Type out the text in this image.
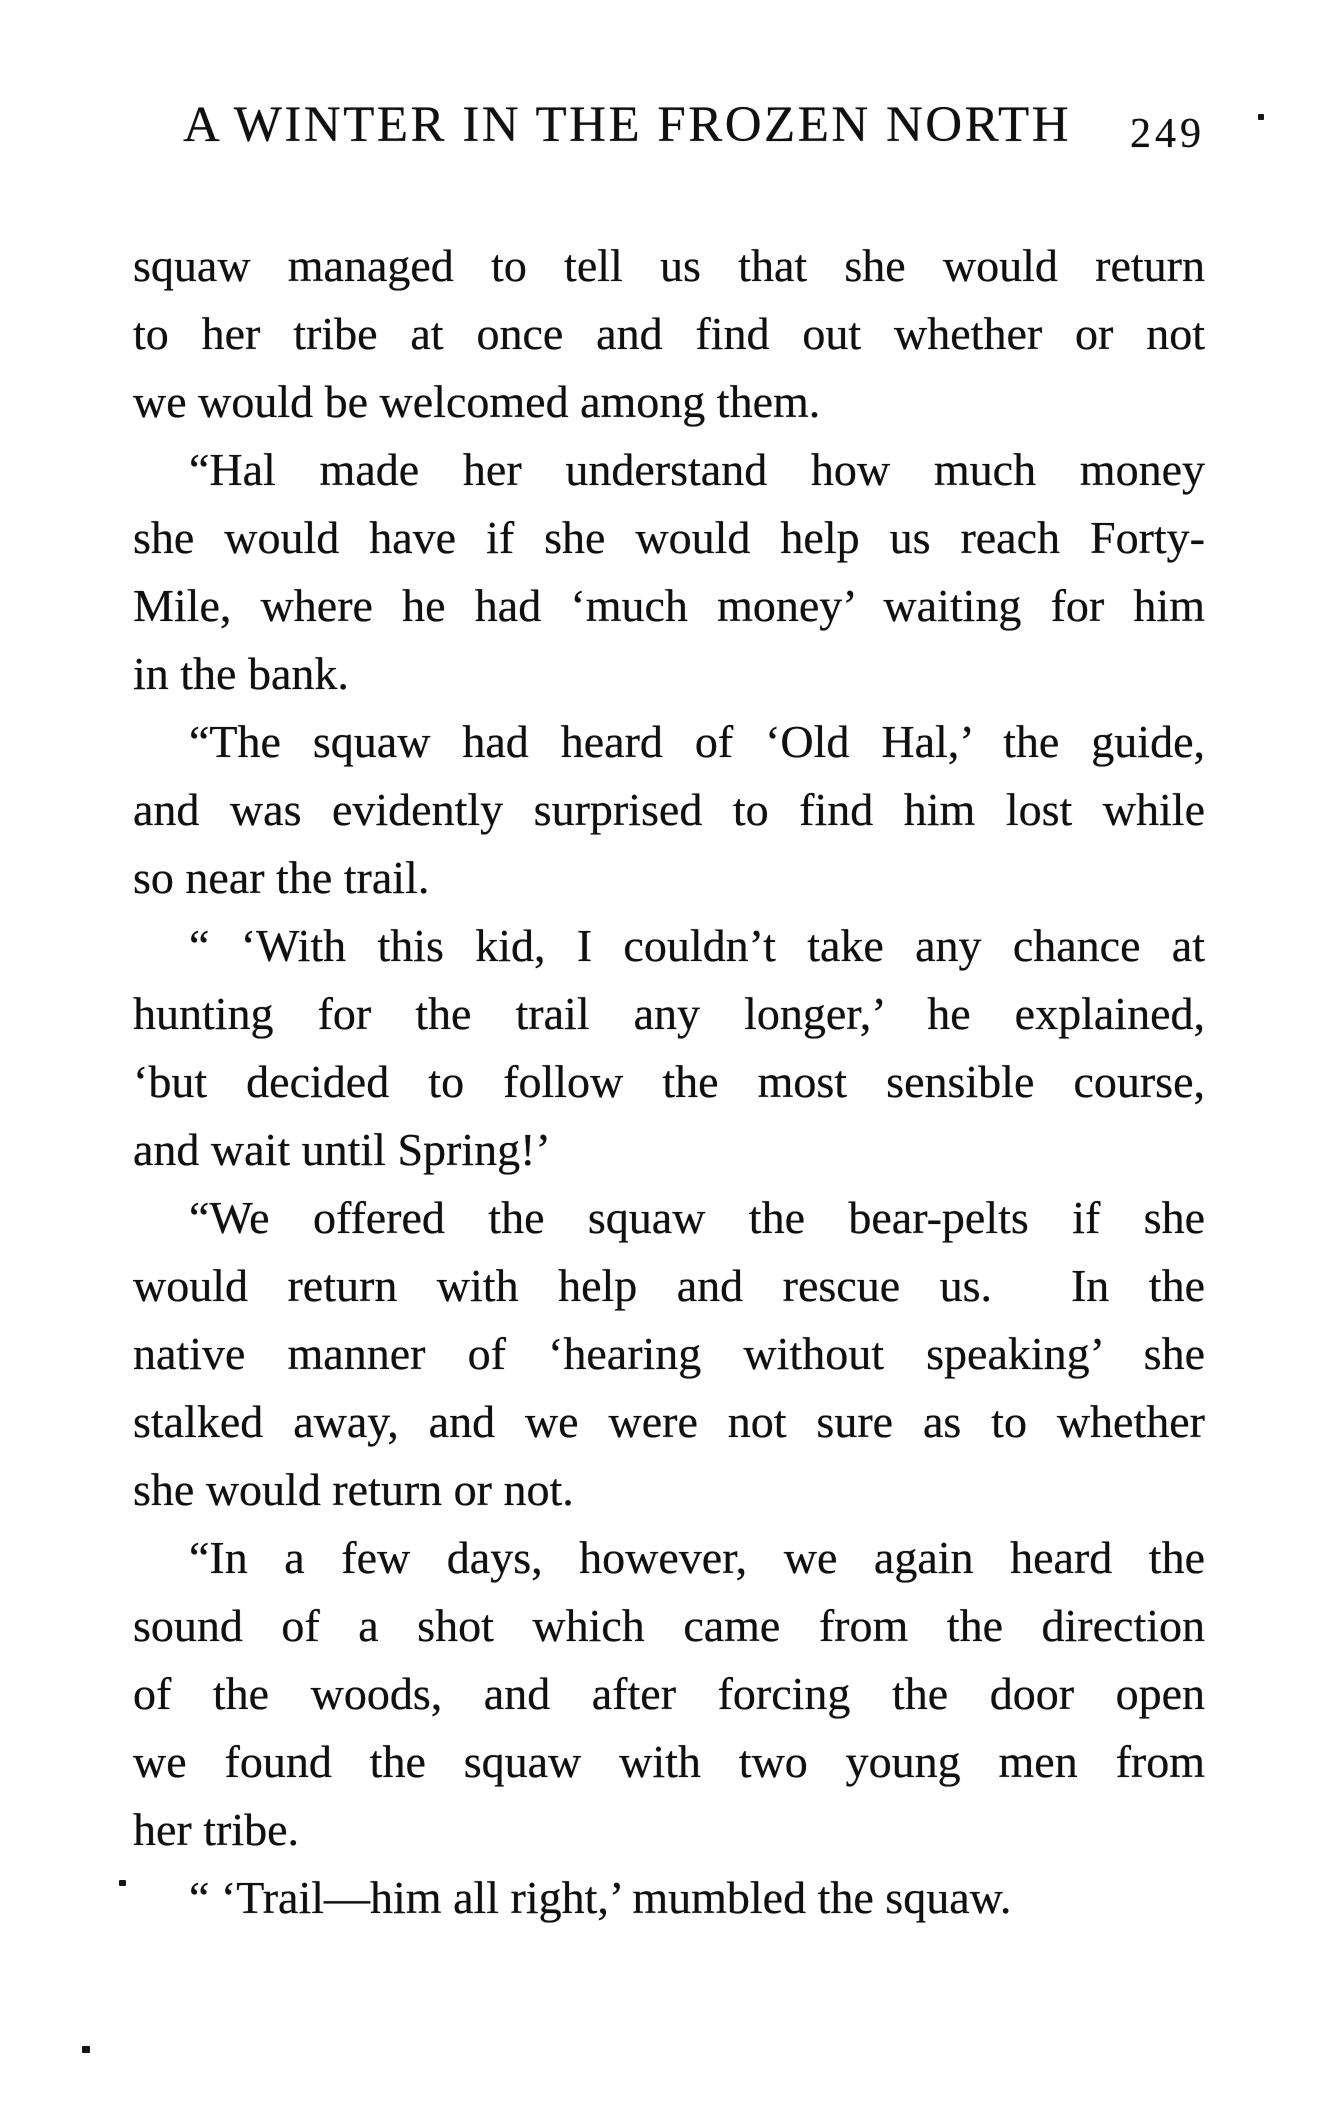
A WINTER IN THE FROZEN NORTH	249
squaw managed to tell us that she would return
to her tribe at once and find out whether or not
we would be welcomed among them.
“Hal made her understand how much money
she would have if she would help us reach Forty-
Mile, where he had ‘much money’ waiting for him
in the bank.
“The squaw had heard of ‘Old Hal,’ the guide,
and was evidently surprised to find him lost while
so near the trail.
“ ‘With this kid, I couldn’t take any chance at
hunting for the trail any longer,’ he explained,
‘but decided to follow the most sensible course,
and wait until Spring!’
“We offered the squaw the bear-pelts if she
would return with help and rescue us.  In the
native manner of ‘hearing without speaking’ she
stalked away, and we were not sure as to whether
she would return or not.
“In a few days, however, we again heard the
sound of a shot which came from the direction
of the woods, and after forcing the door open
we found the squaw with two young men from
her tribe.
“ ‘Trail—him all right,’ mumbled the squaw.
